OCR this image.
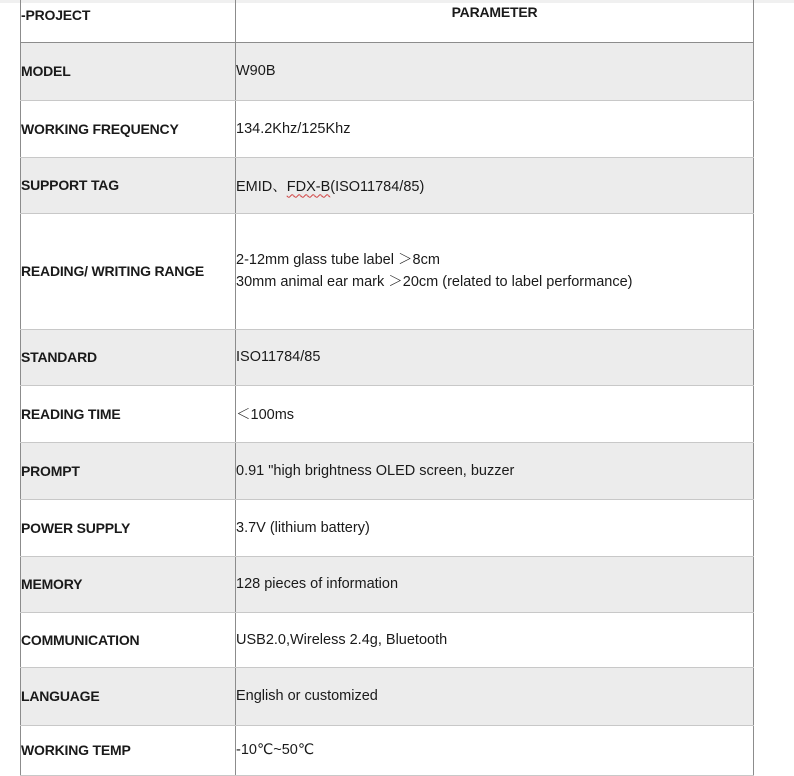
-PROJECT	PARAMETER
MODEL	W90B
WORKING FREQUENCY	134.2Khz/125Khz
SUPPORT TAG	EMID、FDX-B(ISO11784/85)
READING/ WRITING RANGE	2-12mm glass tube label ＞8cm
30mm animal ear mark ＞20cm (related to label performance)

STANDARD	ISO11784/85
READING TIME	＜100ms
PROMPT	0.91 "high brightness OLED screen, buzzer
POWER SUPPLY	3.7V (lithium battery)
MEMORY	128 pieces of information
COMMUNICATION	USB2.0,Wireless 2.4g, Bluetooth
LANGUAGE	English or customized
WORKING TEMP	-10℃~50℃
